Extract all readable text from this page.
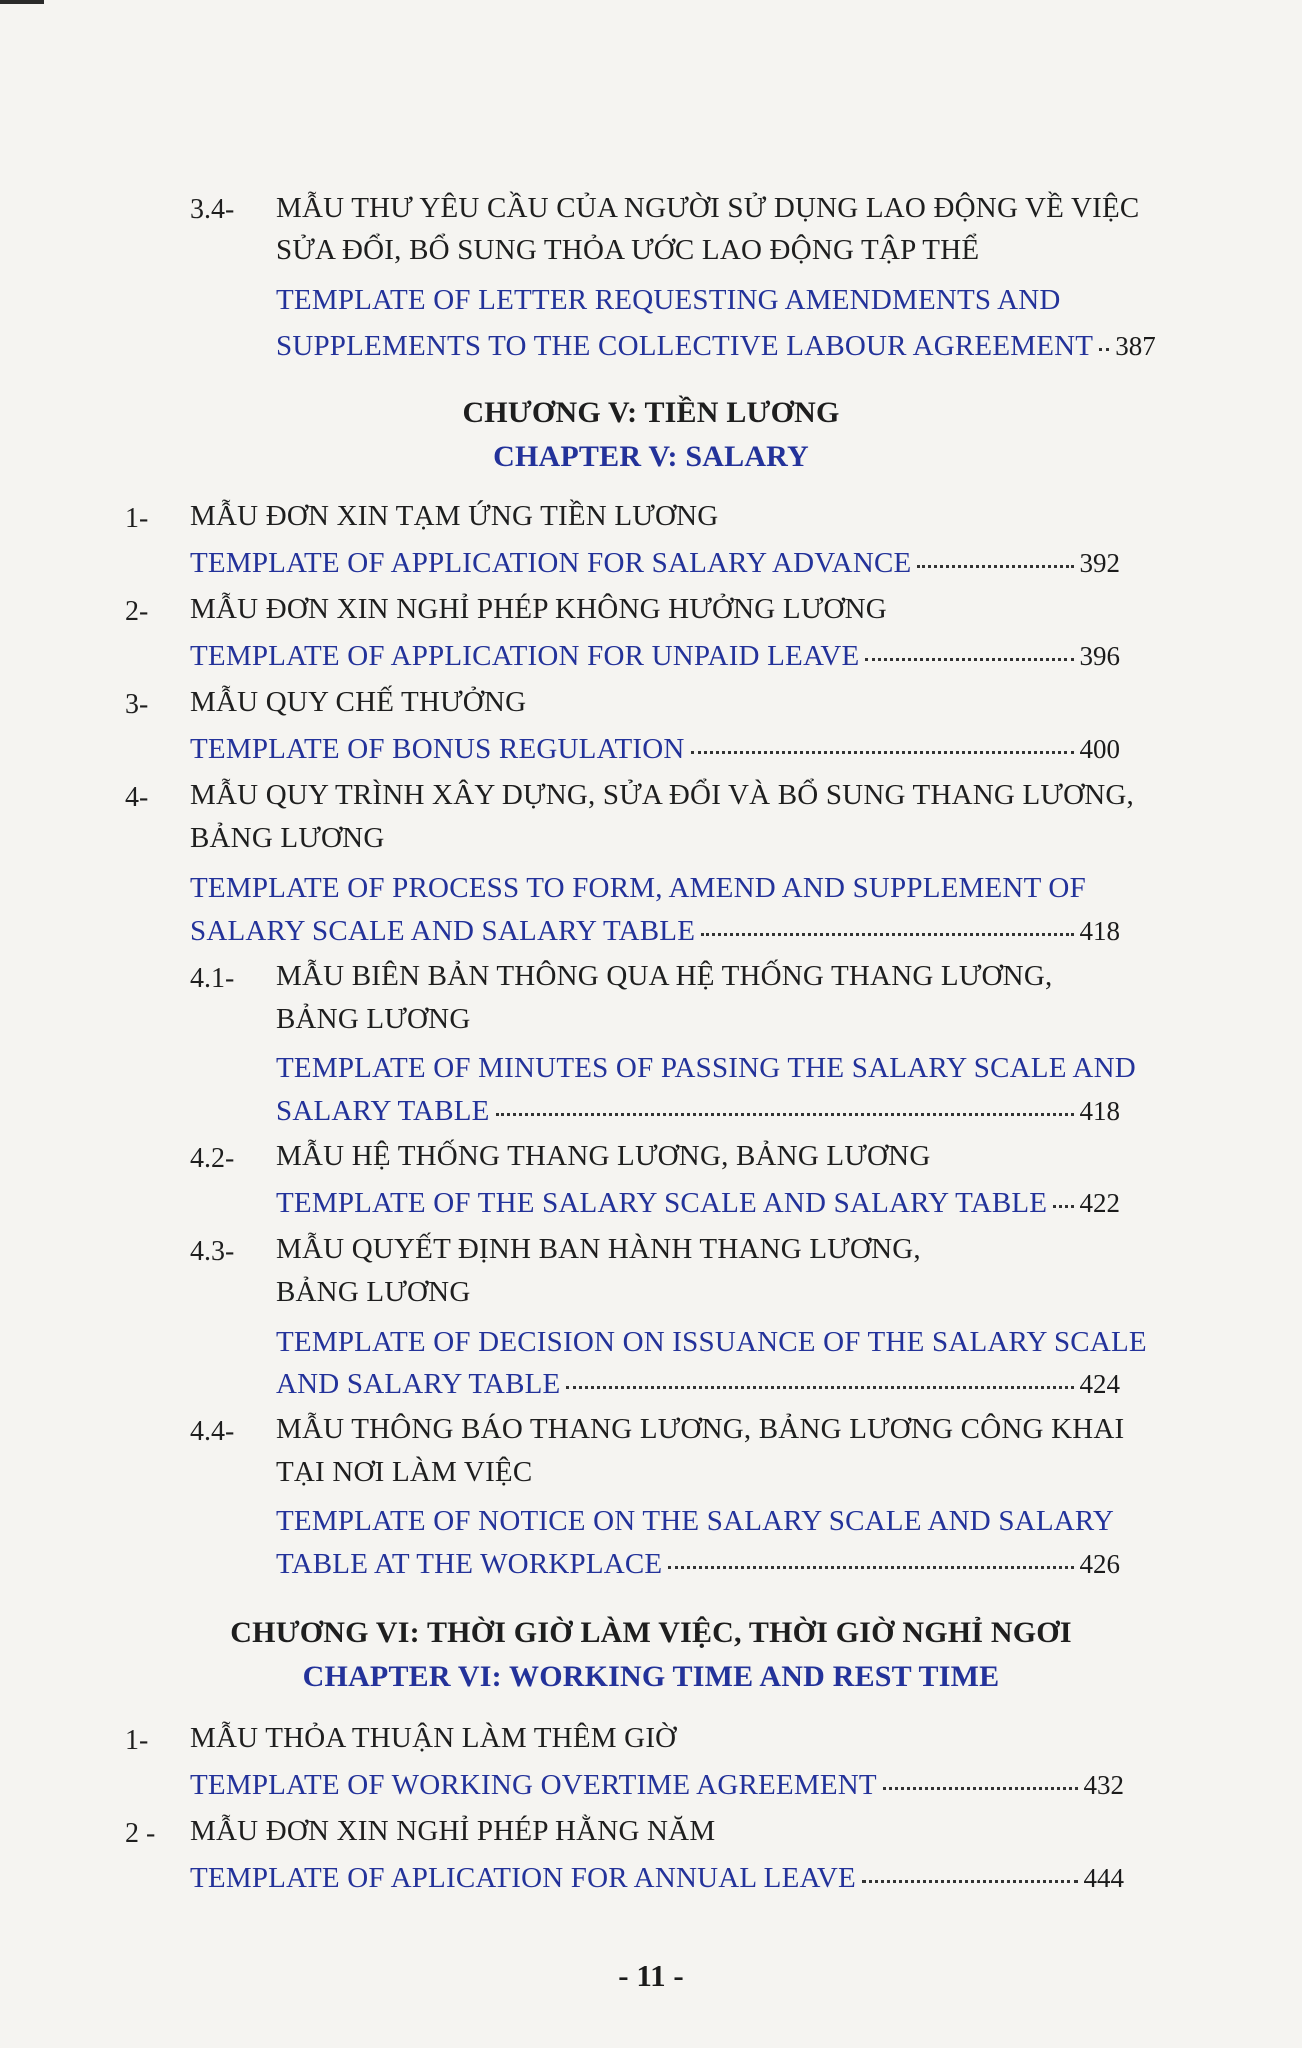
3.4- MẪU THƯ YÊU CẦU CỦA NGƯỜI SỬ DỤNG LAO ĐỘNG VỀ VIỆC
SỬA ĐỔI, BỔ SUNG THỎA ƯỚC LAO ĐỘNG TẬP THỂ
TEMPLATE OF LETTER REQUESTING AMENDMENTS AND
SUPPLEMENTS TO THE COLLECTIVE LABOUR AGREEMENT 387
CHƯƠNG V: TIỀN LƯƠNG
CHAPTER V: SALARY
1- MẪU ĐƠN XIN TẠM ỨNG TIỀN LƯƠNG
TEMPLATE OF APPLICATION FOR SALARY ADVANCE	392
2- MẪU ĐƠN XIN NGHỈ PHÉP KHÔNG HƯỞNG LƯƠNG
TEMPLATE OF APPLICATION FOR UNPAID LEAVE	396
3- MẪU QUY CHẾ THƯỞNG
TEMPLATE OF BONUS REGULATION	400
4- MẪU QUY TRÌNH XÂY DỰNG, SỬA ĐỔI VÀ BỔ SUNG THANG LƯƠNG,
BẢNG LƯƠNG
TEMPLATE OF PROCESS TO FORM, AMEND AND SUPPLEMENT OF
SALARY SCALE AND SALARY TABLE	418
4.1- MẪU BIÊN BẢN THÔNG QUA HỆ THỐNG THANG LƯƠNG,
BẢNG LƯƠNG
TEMPLATE OF MINUTES OF PASSING THE SALARY SCALE AND
SALARY TABLE	418
4.2- MẪU HỆ THỐNG THANG LƯƠNG, BẢNG LƯƠNG
TEMPLATE OF THE SALARY SCALE AND SALARY TABLE 422
4.3- MẪU QUYẾT ĐỊNH BAN HÀNH THANG LƯƠNG,
BẢNG LƯƠNG
TEMPLATE OF DECISION ON ISSUANCE OF THE SALARY SCALE
AND SALARY TABLE	424
4.4- MẪU THÔNG BÁO THANG LƯƠNG, BẢNG LƯƠNG CÔNG KHAI
TẠI NƠI LÀM VIỆC
TEMPLATE OF NOTICE ON THE SALARY SCALE AND SALARY
TABLE AT THE WORKPLACE	426
CHƯƠNG VI: THỜI GIỜ LÀM VIỆC, THỜI GIỜ NGHỈ NGƠI
CHAPTER VI: WORKING TIME AND REST TIME
1- MẪU THỎA THUẬN LÀM THÊM GIỜ
TEMPLATE OF WORKING OVERTIME AGREEMENT	432
2 - MẪU ĐƠN XIN NGHỈ PHÉP HẰNG NĂM
TEMPLATE OF APLICATION FOR ANNUAL LEAVE	444
- 11 -
